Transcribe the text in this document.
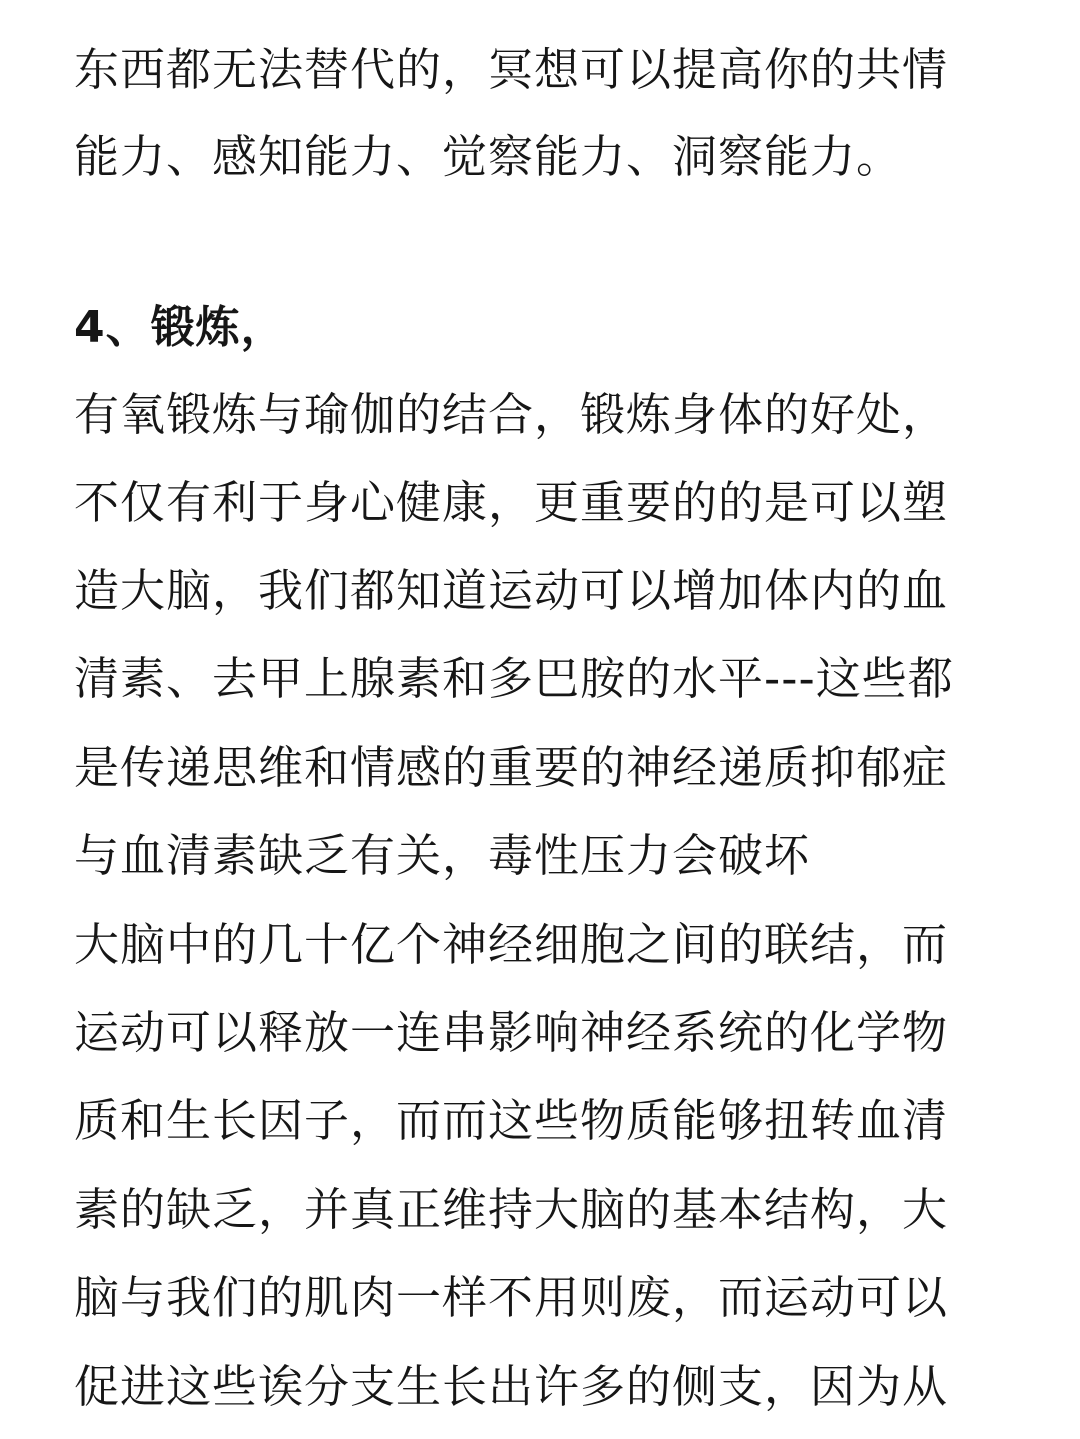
东西都无法替代的，冥想可以提高你的共情
能力、感知能力、觉察能力、洞察能力。
4、锻炼，
有氧锻炼与瑜伽的结合，锻炼身体的好处，
不仅有利于身心健康，更重要的的是可以塑
造大脑，我们都知道运动可以增加体内的血
清素、去甲上腺素和多巴胺的水平---这些都
是传递思维和情感的重要的神经递质抑郁症
与血清素缺乏有关，毒性压力会破坏
大脑中的几十亿个神经细胞之间的联结，而
运动可以释放一连串影响神经系统的化学物
质和生长因子，而而这些物质能够扭转血清
素的缺乏，并真正维持大脑的基本结构，大
脑与我们的肌肉一样不用则废，而运动可以
促进这些诶分支生长出许多的侧支，因为从
